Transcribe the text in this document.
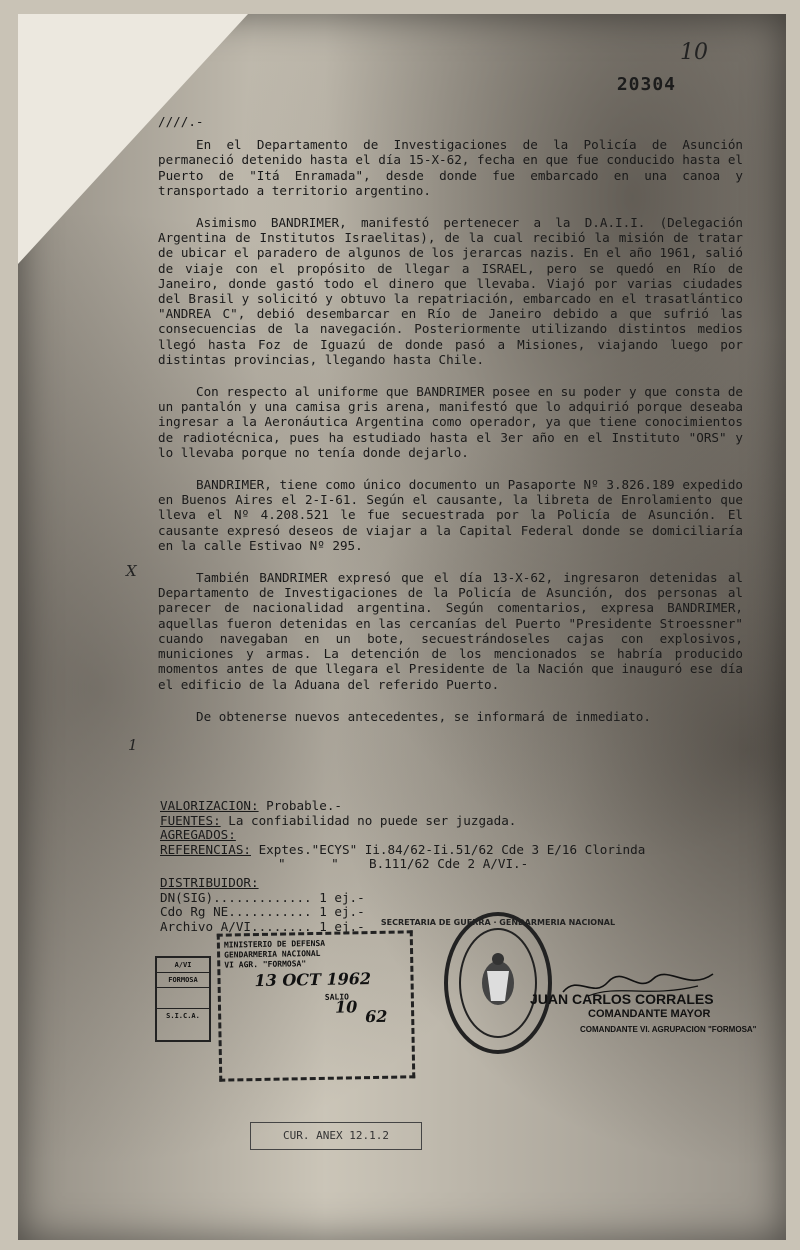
10
20304

////.-

En el Departamento de Investigaciones de la Policía de Asunción permaneció detenido hasta el día 15-X-62, fecha en que fue conducido hasta el Puerto de "Itá Enramada", desde donde fue embarcado en una canoa y transportado a territorio argentino.

Asimismo BANDRIMER, manifestó pertenecer a la D.A.I.I. (Delegación Argentina de Institutos Israelitas), de la cual recibió la misión de tratar de ubicar el paradero de algunos de los jerarcas nazis. En el año 1961, salió de viaje con el propósito de llegar a ISRAEL, pero se quedó en Río de Janeiro, donde gastó todo el dinero que llevaba. Viajó por varias ciudades del Brasil y solicitó y obtuvo la repatriación, embarcado en el trasatlántico "ANDREA C", debió desembarcar en Río de Janeiro debido a que sufrió las consecuencias de la navegación. Posteriormente utilizando distintos medios llegó hasta Foz de Iguazú de donde pasó a Misiones, viajando luego por distintas provincias, llegando hasta Chile.

Con respecto al uniforme que BANDRIMER posee en su poder y que consta de un pantalón y una camisa gris arena, manifestó que lo adquirió porque deseaba ingresar a la Aeronáutica Argentina como operador, ya que tiene conocimientos de radiotécnica, pues ha estudiado hasta el 3er año en el Instituto "ORS" y lo llevaba porque no tenía donde dejarlo.

BANDRIMER, tiene como único documento un Pasaporte Nº 3.826.189 expedido en Buenos Aires el 2-I-61. Según el causante, la libreta de Enrolamiento que lleva el Nº 4.208.521 le fue secuestrada por la Policía de Asunción. El causante expresó deseos de viajar a la Capital Federal donde se domiciliaría en la calle Estivao Nº 295.

También BANDRIMER expresó que el día 13-X-62, ingresaron detenidas al Departamento de Investigaciones de la Policía de Asunción, dos personas al parecer de nacionalidad argentina. Según comentarios, expresa BANDRIMER, aquellas fueron detenidas en las cercanías del Puerto "Presidente Stroessner" cuando navegaban en un bote, secuestrándoseles cajas con explosivos, municiones y armas. La detención de los mencionados se habría producido momentos antes de que llegara el Presidente de la Nación que inauguró ese día el edificio de la Aduana del referido Puerto.

De obtenerse nuevos antecedentes, se informará de inmediato.

X
1
VALORIZACION: Probable.-
FUENTES: La confiabilidad no puede ser juzgada.
AGREGADOS:
REFERENCIAS: Exptes."ECYS" Ii.84/62-Ii.51/62 Cde 3 E/16 Clorinda
"      "    B.111/62 Cde 2 A/VI.-
DISTRIBUIDOR:
DN(SIG)............. 1 ej.-
Cdo Rg NE........... 1 ej.-
Archivo A/VI........ 1 ej.-
A/VI
FORMOSA
S.I.C.A.
MINISTERIO DE DEFENSA
GENDARMERIA NACIONAL
VI AGR. "FORMOSA"
13 OCT 1962
SALIO
10 62
SECRETARIA DE GUERRA · GENDARMERIA NACIONAL
JUAN CARLOS CORRALES
COMANDANTE MAYOR
COMANDANTE VI. AGRUPACION "FORMOSA"
CUR. ANEX 12.1.2
